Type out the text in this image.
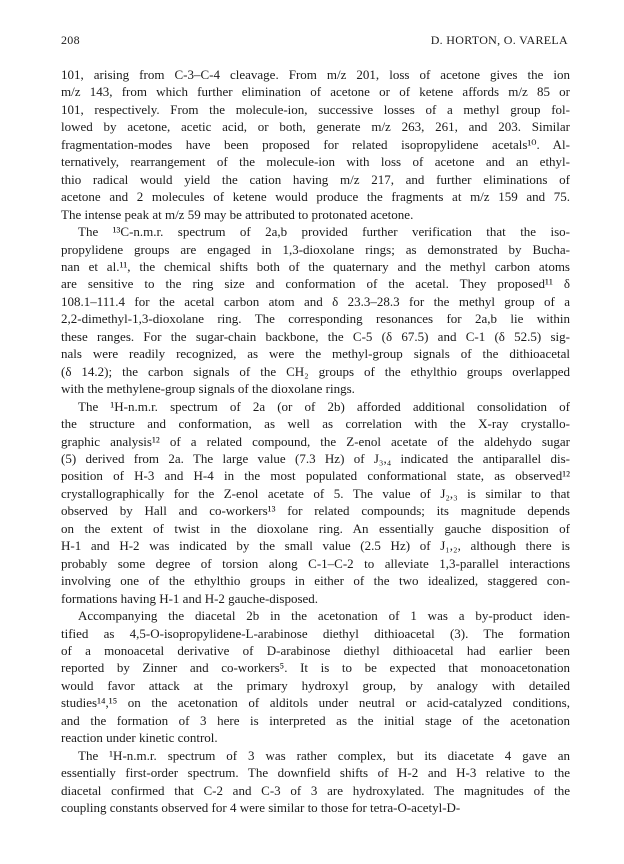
208	D. HORTON, O. VARELA
101, arising from C-3–C-4 cleavage. From m/z 201, loss of acetone gives the ion
m/z 143, from which further elimination of acetone or of ketene affords m/z 85 or
101, respectively. From the molecule-ion, successive losses of a methyl group fol-
lowed by acetone, acetic acid, or both, generate m/z 263, 261, and 203. Similar
fragmentation-modes have been proposed for related isopropylidene acetals¹⁰. Al-
ternatively, rearrangement of the molecule-ion with loss of acetone and an ethyl-
thio radical would yield the cation having m/z 217, and further eliminations of
acetone and 2 molecules of ketene would produce the fragments at m/z 159 and 75.
The intense peak at m/z 59 may be attributed to protonated acetone.
The ¹³C-n.m.r. spectrum of 2a,b provided further verification that the iso-
propylidene groups are engaged in 1,3-dioxolane rings; as demonstrated by Bucha-
nan et al.¹¹, the chemical shifts both of the quaternary and the methyl carbon atoms
are sensitive to the ring size and conformation of the acetal. They proposed¹¹ δ
108.1–111.4 for the acetal carbon atom and δ 23.3–28.3 for the methyl group of a
2,2-dimethyl-1,3-dioxolane ring. The corresponding resonances for 2a,b lie within
these ranges. For the sugar-chain backbone, the C-5 (δ 67.5) and C-1 (δ 52.5) sig-
nals were readily recognized, as were the methyl-group signals of the dithioacetal
(δ 14.2); the carbon signals of the CH₂ groups of the ethylthio groups overlapped
with the methylene-group signals of the dioxolane rings.
The ¹H-n.m.r. spectrum of 2a (or of 2b) afforded additional consolidation of
the structure and conformation, as well as correlation with the X-ray crystallo-
graphic analysis¹² of a related compound, the Z-enol acetate of the aldehydo sugar
(5) derived from 2a. The large value (7.3 Hz) of J₃,₄ indicated the antiparallel dis-
position of H-3 and H-4 in the most populated conformational state, as observed¹²
crystallographically for the Z-enol acetate of 5. The value of J₂,₃ is similar to that
observed by Hall and co-workers¹³ for related compounds; its magnitude depends
on the extent of twist in the dioxolane ring. An essentially gauche disposition of
H-1 and H-2 was indicated by the small value (2.5 Hz) of J₁,₂, although there is
probably some degree of torsion along C-1–C-2 to alleviate 1,3-parallel interactions
involving one of the ethylthio groups in either of the two idealized, staggered con-
formations having H-1 and H-2 gauche-disposed.
Accompanying the diacetal 2b in the acetonation of 1 was a by-product iden-
tified as 4,5-O-isopropylidene-L-arabinose diethyl dithioacetal (3). The formation
of a monoacetal derivative of D-arabinose diethyl dithioacetal had earlier been
reported by Zinner and co-workers⁵. It is to be expected that monoacetonation
would favor attack at the primary hydroxyl group, by analogy with detailed
studies¹⁴,¹⁵ on the acetonation of alditols under neutral or acid-catalyzed conditions,
and the formation of 3 here is interpreted as the initial stage of the acetonation
reaction under kinetic control.
The ¹H-n.m.r. spectrum of 3 was rather complex, but its diacetate 4 gave an
essentially first-order spectrum. The downfield shifts of H-2 and H-3 relative to the
diacetal confirmed that C-2 and C-3 of 3 are hydroxylated. The magnitudes of the
coupling constants observed for 4 were similar to those for tetra-O-acetyl-D-
